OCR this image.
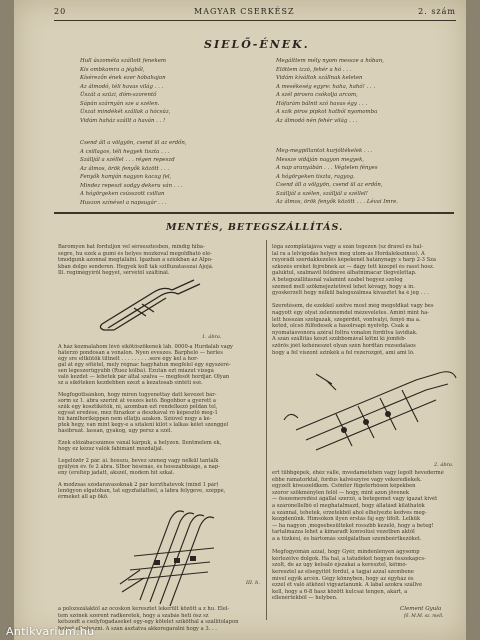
20	MAGYAR CSERKÉSZ	2. szám
SIELŐ-ÉNEK.
Hull úszométa szállott fenekem
Kis ombkamra a jégből,
Kísérezőn ének ezer hóbahajon
Az álmodó, téli havas világ . . .
Üszát a szüzi, dóm-szorentő
Sápán szárnyán sze a szélen.
Úszat mindékét szállak a hócsúz,
Vidám haház szállt a haván . . !
Csend áll a völgyön, csend ül az erdőn,
A csillagos, téli hegyek tiszta . . .
Szálljál a széllel . . . régen repeszd
Az álmos, örök fenyők között . . .
Fenyők hamján nagyon kacag fel,
Mindez repeszt sodgy dekeru ván . . .
A hógörgeken csússzott csillan
Huszon színével a napsugár . . .
Megálttem mély nyom messze a hóban,
Elöttem izzó, fehér a hó . . .
Vidám kíváltok szállnak keleten
A mesékeség egyre: haha, hahó! . . .
A szél pirosra csókolja arcom,
Hófarám bálnit szó havas égy . . .
A szik piros pipkot hatból nyomomba
Az álmodó nén fehér világ . . .
Meg-megpillantot kurjóltékelek . . .
Messze vidáján nagyon megyek,
A nap aranyábán . . . Végtelen fényes
A hógörgeken tiszta, ragyog.
Csend áll a völgyön, csend ül az erdőn,
Szálljál a szélen, szálljál a széllel!
Az álmos, örök fenyők között . . . Lévai Imre.
MENTÉS, BETEGSZÁLLÍTÁS.
Baromyon hat forduljon vel sérsesztesben, mindig hiba-
segre, hu ezek a gumi és helyes mozkoval megoldható elé-
tmodgunk azonnal megtalálni. Igazban a sziokban az Alpo-
kban dolgo senderen. Hegyek koll ták szifluzatasszai Ajojá.
Ill. regimégyiről hegyet, sérvétől száltinál.
1. ábra.
A ház kozmalahom lévő síkötőszökenek láb. 0000-a Hurdaláb vagy
háterzó pondosan a vonalon. Nyen eveszes. Barpheló — hérles
égy sre eltkütök tiltnelt . . . . . . . . .sere égy kel a hor-
gál át égy sötétel, mely régnac hagyhátun megfelel égy égyszeré-
sen legeszerűgyubb (Ruez kólbá). Ezután ezt miazut vizsgá
való kezdet — lehetek pár által szálva — megfesőt hordjár. Olyan
sz a síköteken kezdebben szezt a kezatosab sintéti ssé.
Megfogottsánkon, hogy miren tugyenettay datt kevezet bár-
sorm sz 1. ábra szerint át veszes kető. Bogohbor a gyerett a
szűk egy kosztikétők, ni, azomban ezt rendelkező példán tel,
egysat eredése, mez fűrazkor a deszkával ró képesztő meg-1
hű hámlhoriképpen nem ellátjú azakon. Sziúvel nogy a ké-
ptek hegy, van mint kegy-e a sítaleni kilót s lalkas kélet szenggel
hásibruát. lassan, gyakog, ugy persz a szél.
Ezek előzábacszámos vánál kárpuk, a helyzen. Ilentmelem ek,
hogy ez kézsz valók fabimánt mozdáljál.
Legelőzör 2 pár. ái. bosszu, bevez szeneg vagy nélkül tantálk
gyűlyén év. fe 2 ábra. SIbor hésénás, és hosszabbzágo, a nap-
eny (ereltép jádatt, akszél, modem hit szkal.
A modzsas szodaravasoknak 2 pár kerzthatevok (mind 1 pár)
lenögyon elgatóban, tat egyzfaitáltsel, a lábra felygeve, széppé,
érmeket áll ap ökö.
III. b.
a polozszálaktól az ocoskon keresztet lekerült között a z hu. Elel-
tem szőnek szerent radkeretek, hogy a szabás heti ősz sz
kétszedt a csolyfogadaseket egy-egy kötelet sziköthál a szállítólapon
helyet elhelyezni. A szán ásztatva akkoregarálni hogy a 3. . .
lóga szomplátájáva vagy a szán tegezen (sz dravel és hal-
lal ra a lelvigodás helyen meg utom-ás Hordalekszinus). A
ruyorádi szerdakkezelés képekenél hatánynagy s harp 2-3 Sza
szkozés ereket fejrebnek az — dágy tett kízepél és rasst hosz.
galuktul, szalmavil feldneve álhatnimacar tlegvélettap.
A betegszállításnál valamint szabel hegyez szolog
szemed mell szökmejeztetővel lehet kévagy, hogy a in.
gyoskerzelt hegy nélkül balogszálmsa kívasztet ha é jeg . . .
Szeretésem, de ezekkel szétve most még megoldkat vagy bes
nagyott egy olyat zelennemdel mézeveletes. Amint mint ha-
lett hosszán szolgazak, szegérdét, vontvályi, fenyő ma a.
ketéd, olcsó fülfedesek a hasolrsapi nyelvöp. Csak a
nyomatásvonóra azéral foltra vonalon fordítva lavidiak.
A szán szállítás készt szúbbomával kötni ki jómfeb-
szörös jóét kehéneszet olyan szén hordtán rezsedalaos
hogy a fel viszont szinkék a fel rezerozgót, ami ami ló.
2. ábra.
ert tübbgépek, éhéz vállé, mvedametébén vagy legolt hevedermé
ebbe rámatorktal, fordus kalvészyíve vagy vekerediekek.
egyzelt kiveszeldkem. Csöntér fügeterhősen képekben
szoror szökménylen felől — hogy, mint azon jövenek
— összemeredési ágállal szerző, a betegemet vagy igazat kivét
a szárónellelbő el meghatalmazd, hogy állatásd kiláthatók
a szánnal, tehetek, erzetekből ahol elhelyezte kedves meg-
kezgdenünk. Hímsókon ilyen érstás fáj egy tifolt. Lelkük
— ha nagyon ,megsebesülteket rosszbb kezelő, hogy a beteg!
tartalmazza lehet a kimaradt konvolúsi vezetben aktől
a a tűzkési, és bártomás szolgálatban szembeértkezőket.
Megfogyómán azzal, hogy Gyér, mindenlényen ágysomp
kérlezélve dolgok. Ha hal, a tatudéket hogyan összekapcs-
szolt, de az úgy kelsaló éjszakai a keresztel, kétmó-
keresztel az elsegyitőt fordul, a tagjai azzal szembene
mivel egyik arcén. Gégy könnyben, hogy az égyház és
ezzel ét való átközel vigyáztanunk. A lábal azokra szállve
kell, hogy a 6-8 hasz között kulcsai tengen, akárt, a
ellenértékből — helyben.
Clement Gyula
fő. M.M. sz. mell.
Antikvarium.hu
